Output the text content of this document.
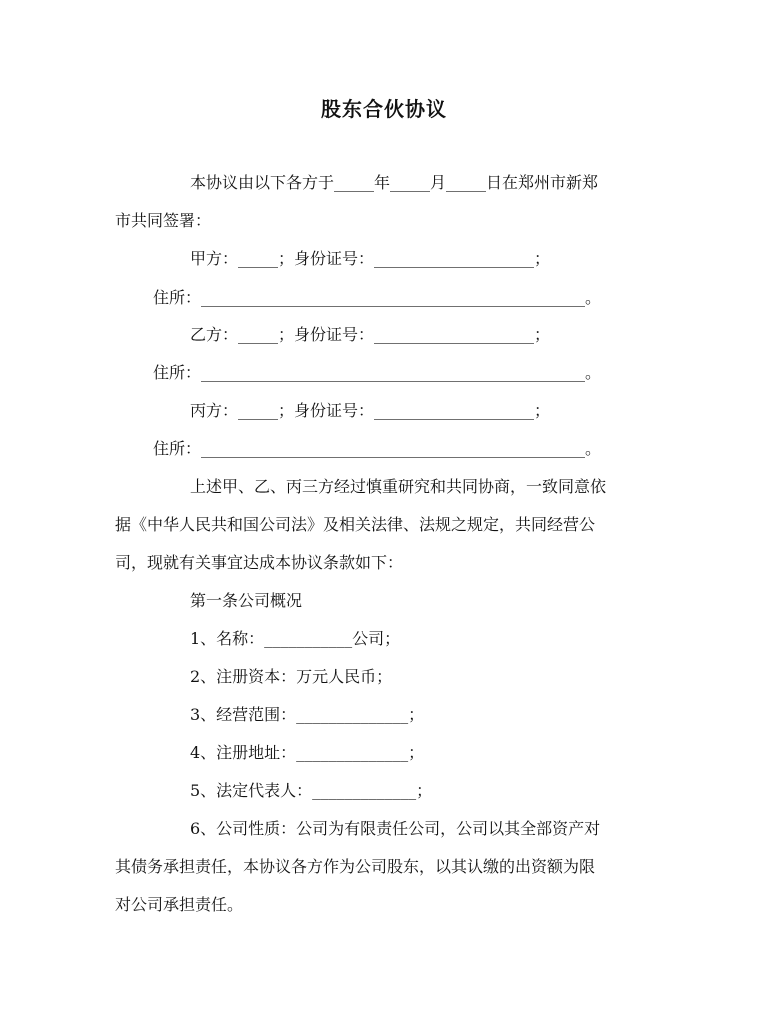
股东合伙协议
本协议由以下各方于_____年_____月_____日在郑州市新郑
市共同签署：
甲方：_____；身份证号：____________________；
住所：________________________________________________。
乙方：_____；身份证号：____________________；
住所：________________________________________________。
丙方：_____；身份证号：____________________；
住所：________________________________________________。
上述甲、乙、丙三方经过慎重研究和共同协商，一致同意依
据《中华人民共和国公司法》及相关法律、法规之规定，共同经营公
司，现就有关事宜达成本协议条款如下：
第一条公司概况
1、名称：___________公司；
2、注册资本：万元人民币；
3、经营范围：______________；
4、注册地址：______________；
5、法定代表人：_____________；
6、公司性质：公司为有限责任公司，公司以其全部资产对
其债务承担责任，本协议各方作为公司股东，以其认缴的出资额为限
对公司承担责任。
